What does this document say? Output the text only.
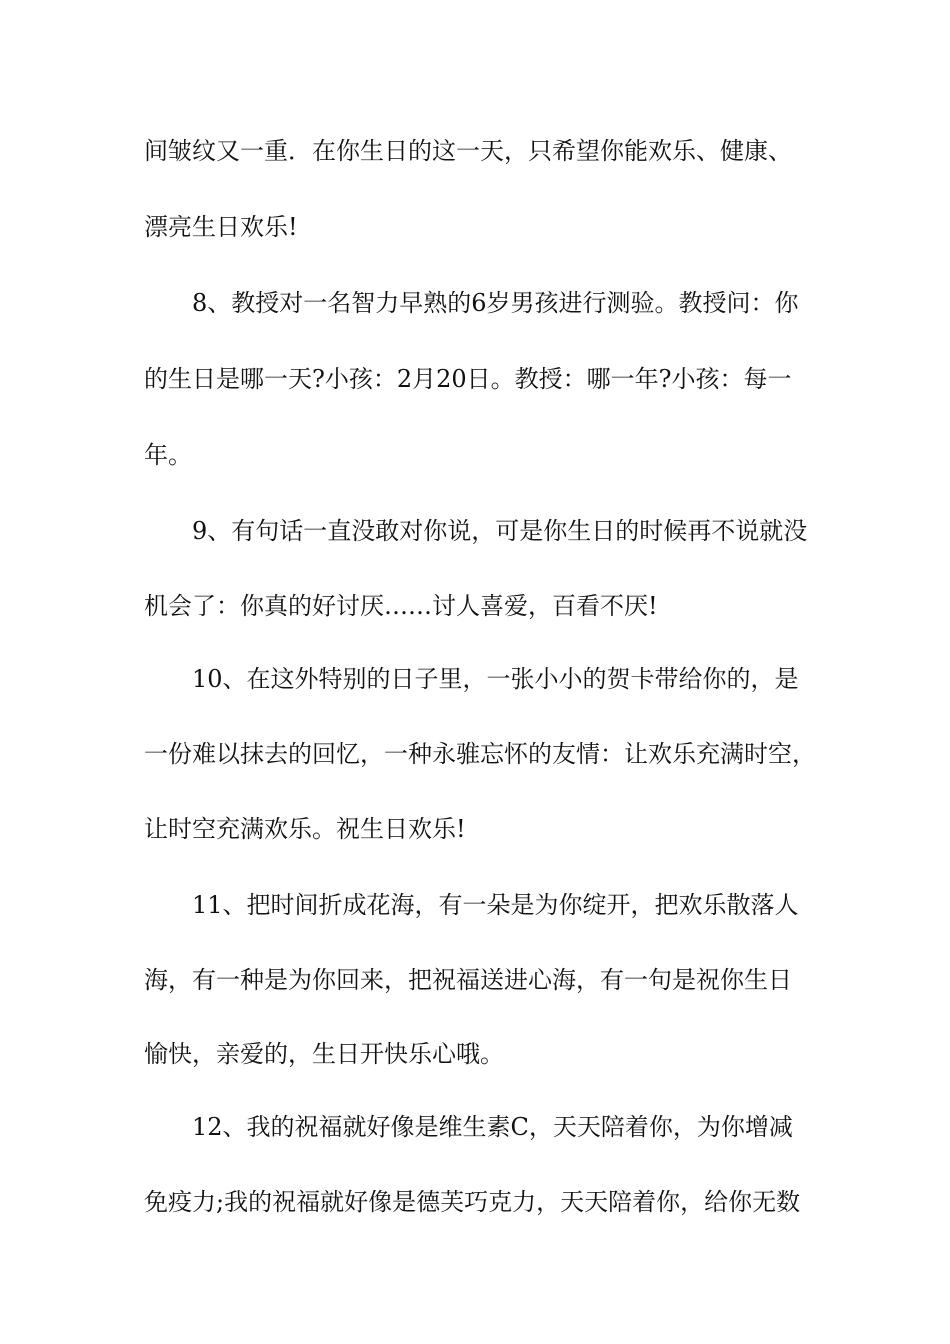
间皱纹又一重．在你生日的这一天，只希望你能欢乐、健康、
漂亮生日欢乐!
8、教授对一名智力早熟的6岁男孩进行测验。教授问：你
的生日是哪一天?小孩：2月20日。教授：哪一年?小孩：每一
年。
9、有句话一直没敢对你说，可是你生日的时候再不说就没
机会了：你真的好讨厌……讨人喜爱，百看不厌!
10、在这外特别的日子里，一张小小的贺卡带给你的，是
一份难以抹去的回忆，一种永骓忘怀的友情：让欢乐充满时空，
让时空充满欢乐。祝生日欢乐!
11、把时间折成花海，有一朵是为你绽开，把欢乐散落人
海，有一种是为你回来，把祝福送进心海，有一句是祝你生日
愉快，亲爱的，生日开快乐心哦。
12、我的祝福就好像是维生素C，天天陪着你，为你增减
免疫力;我的祝福就好像是德芙巧克力，天天陪着你，给你无数
